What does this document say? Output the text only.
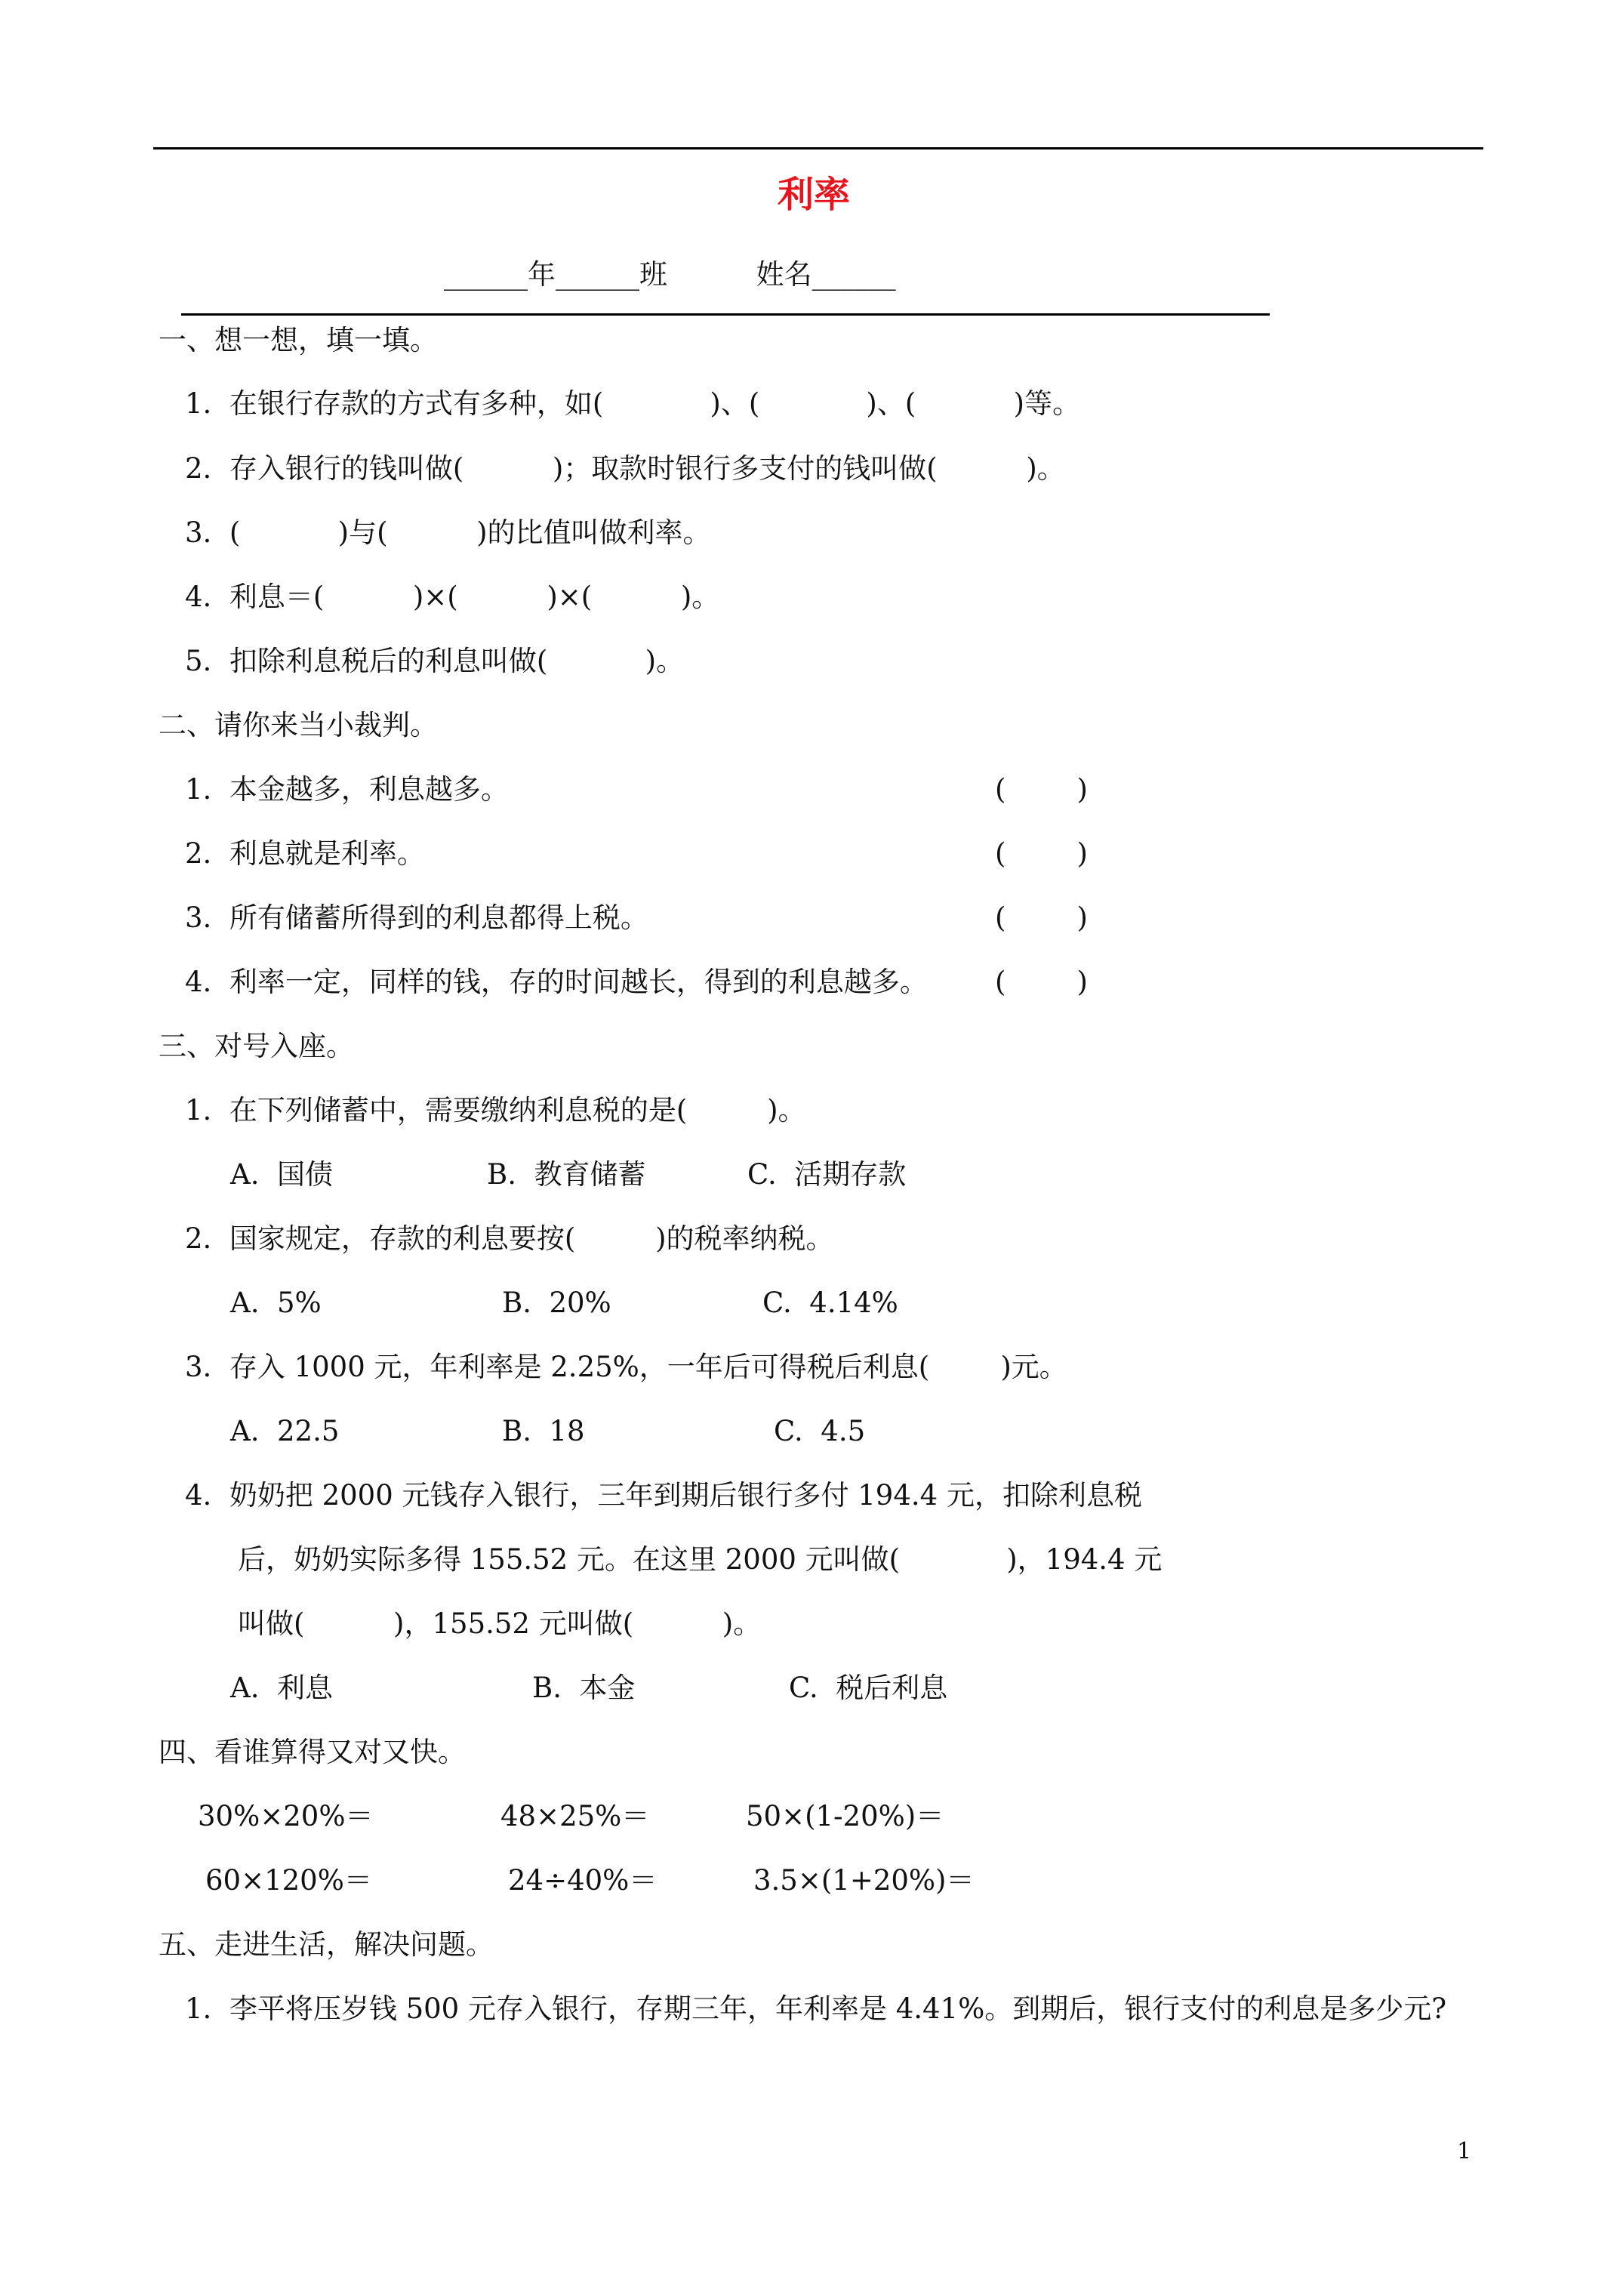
利率
______年______班          姓名______
一、想一想，填一填。
1.  在银行存款的方式有多种，如(            )、(            )、(           )等。
2.  存入银行的钱叫做(          )；取款时银行多支付的钱叫做(          )。
3.  (           )与(          )的比值叫做利率。
4.  利息＝(          )×(          )×(          )。
5.  扣除利息税后的利息叫做(           )。
二、请你来当小裁判。
1.  本金越多，利息越多。	(        )
2.  利息就是利率。	(        )
3.  所有储蓄所得到的利息都得上税。	(        )
4.  利率一定，同样的钱，存的时间越长，得到的利息越多。 (        )
三、对号入座。
1.  在下列储蓄中，需要缴纳利息税的是(         )。
A.  国债	B.  教育储蓄	C.  活期存款
2.  国家规定，存款的利息要按(         )的税率纳税。
A.  5%	B.  20%	C.  4.14%
3.  存入 1000 元，年利率是 2.25%，一年后可得税后利息(        )元。
A.  22.5	B.  18	C.  4.5
4.  奶奶把 2000 元钱存入银行，三年到期后银行多付 194.4 元，扣除利息税
后，奶奶实际多得 155.52 元。在这里 2000 元叫做(            )，194.4 元
叫做(          )，155.52 元叫做(          )。
A.  利息	B.  本金	C.  税后利息
四、看谁算得又对又快。
30%×20%＝	48×25%＝	50×(1-20%)＝
60×120%＝	24÷40%＝	3.5×(1+20%)＝
五、走进生活，解决问题。
1.  李平将压岁钱 500 元存入银行，存期三年，年利率是 4.41%。到期后，银行支付的利息是多少元?
1
